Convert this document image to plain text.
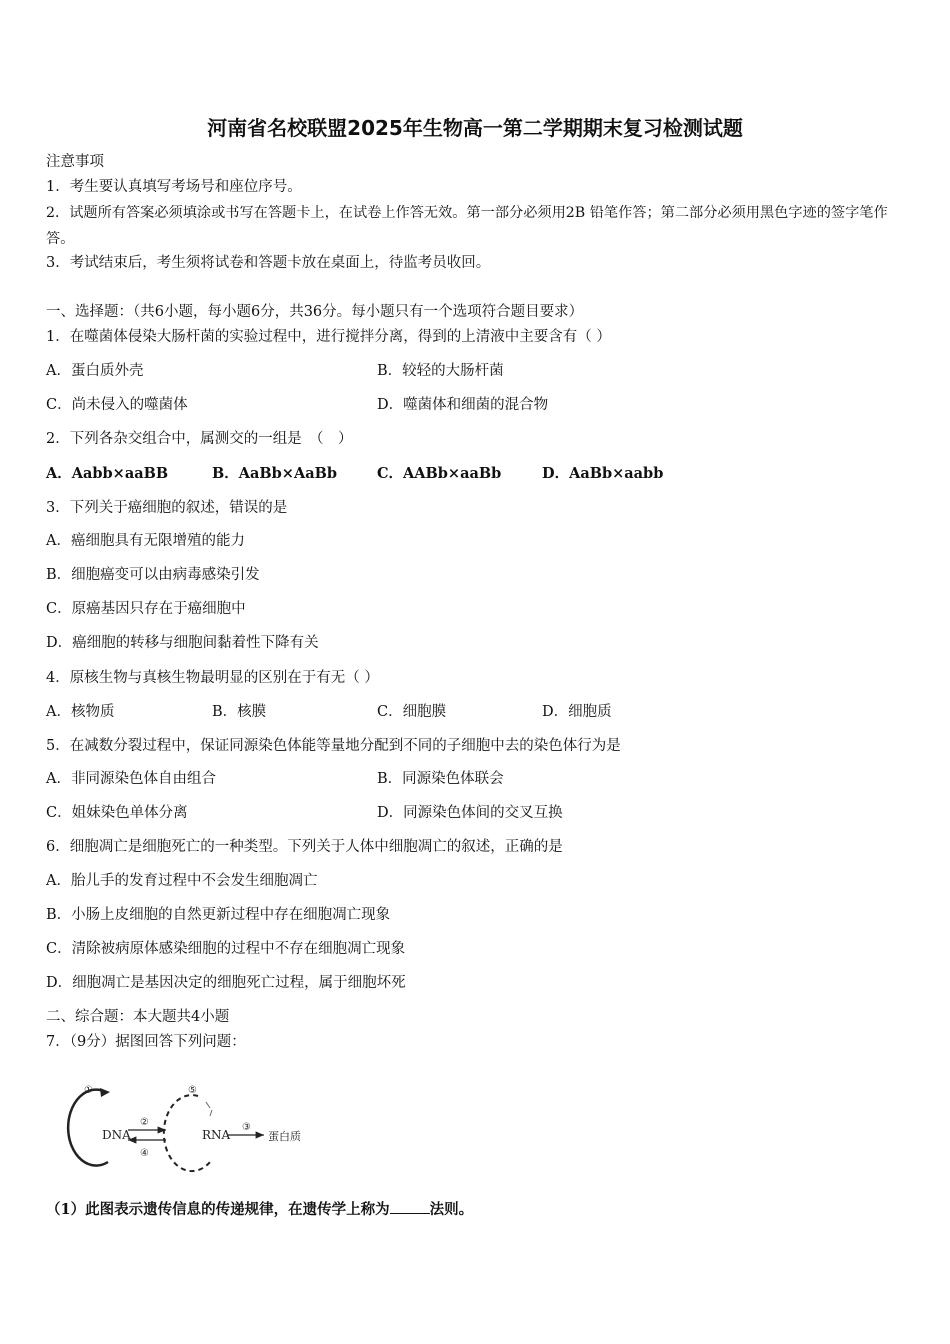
河南省名校联盟2025年生物高一第二学期期末复习检测试题
注意事项
1．考生要认真填写考场号和座位序号。
2．试题所有答案必须填涂或书写在答题卡上，在试卷上作答无效。第一部分必须用2B 铅笔作答；第二部分必须用黑色字迹的签字笔作答。
3．考试结束后，考生须将试卷和答题卡放在桌面上，待监考员收回。
一、选择题：（共6小题，每小题6分，共36分。每小题只有一个选项符合题目要求）
1．在噬菌体侵染大肠杆菌的实验过程中，进行搅拌分离，得到的上清液中主要含有（ ）
A．蛋白质外壳	B．较轻的大肠杆菌
C．尚未侵入的噬菌体	D．噬菌体和细菌的混合物
2．下列各杂交组合中，属测交的一组是　（　）
A．Aabb×aaBB	B．AaBb×AaBb	C．AABb×aaBb	D．AaBb×aabb
3．下列关于癌细胞的叙述，错误的是
A．癌细胞具有无限增殖的能力
B．细胞癌变可以由病毒感染引发
C．原癌基因只存在于癌细胞中
D．癌细胞的转移与细胞间黏着性下降有关
4．原核生物与真核生物最明显的区别在于有无（ ）
A．核物质	B．核膜	C．细胞膜	D．细胞质
5．在减数分裂过程中，保证同源染色体能等量地分配到不同的子细胞中去的染色体行为是
A．非同源染色体自由组合	B．同源染色体联会
C．姐妹染色单体分离	D．同源染色体间的交叉互换
6．细胞凋亡是细胞死亡的一种类型。下列关于人体中细胞凋亡的叙述，正确的是
A．胎儿手的发育过程中不会发生细胞凋亡
B．小肠上皮细胞的自然更新过程中存在细胞凋亡现象
C．清除被病原体感染细胞的过程中不存在细胞凋亡现象
D．细胞凋亡是基因决定的细胞死亡过程，属于细胞坏死
二、综合题：本大题共4小题
7．（9分）据图回答下列问题：
①
DNA
②
④
⑤
RNA
③
蛋白质
（1）此图表示遗传信息的传递规律，在遗传学上称为	法则。
